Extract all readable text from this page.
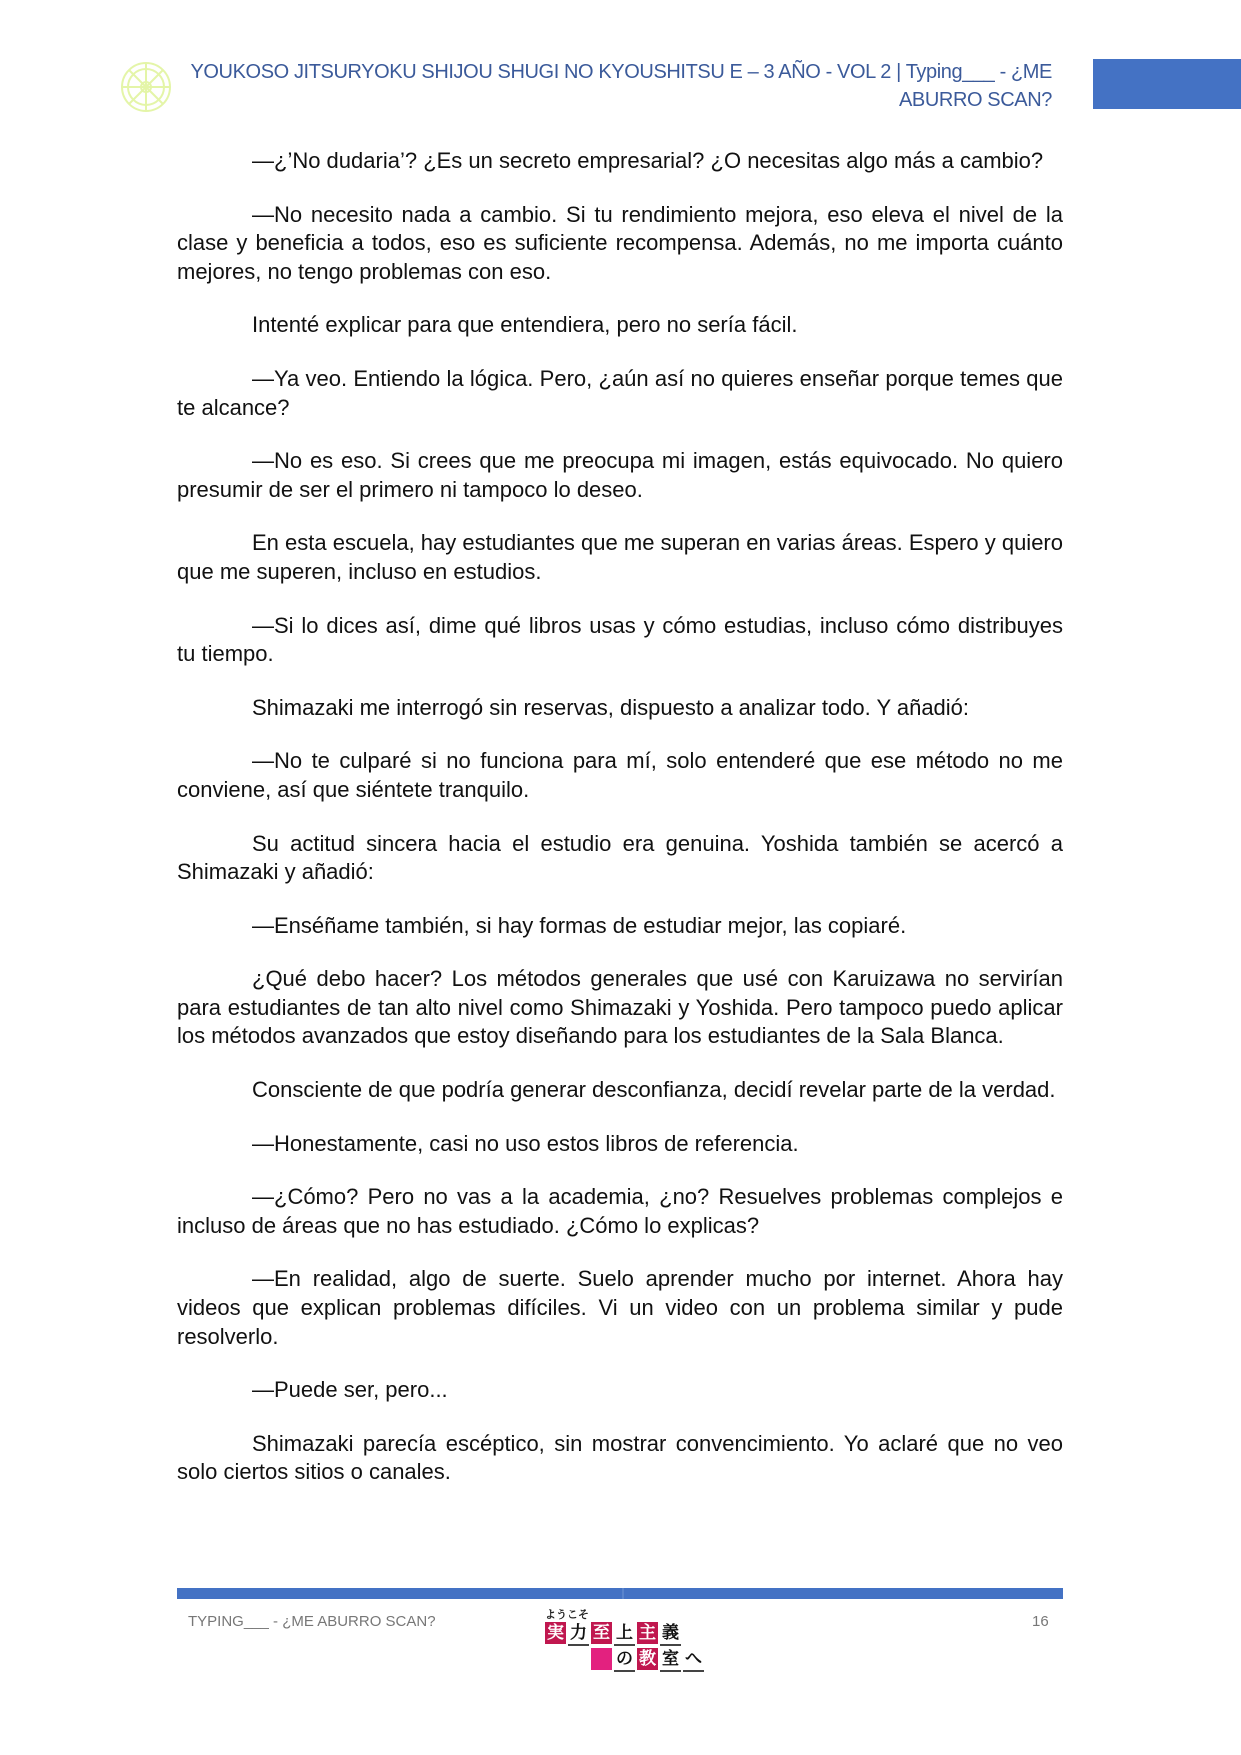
YOUKOSO JITSURYOKU SHIJOU SHUGI NO KYOUSHITSU E – 3 AÑO - VOL 2 | Typing___ - ¿ME ABURRO SCAN?

—¿’No dudaria’? ¿Es un secreto empresarial? ¿O necesitas algo más a cambio?

—No necesito nada a cambio. Si tu rendimiento mejora, eso eleva el nivel de la clase y beneficia a todos, eso es suficiente recompensa. Además, no me importa cuánto mejores, no tengo problemas con eso.

Intenté explicar para que entendiera, pero no sería fácil.

—Ya veo. Entiendo la lógica. Pero, ¿aún así no quieres enseñar porque temes que te alcance?

—No es eso. Si crees que me preocupa mi imagen, estás equivocado. No quiero presumir de ser el primero ni tampoco lo deseo.

En esta escuela, hay estudiantes que me superan en varias áreas. Espero y quiero que me superen, incluso en estudios.

—Si lo dices así, dime qué libros usas y cómo estudias, incluso cómo distribuyes tu tiempo.

Shimazaki me interrogó sin reservas, dispuesto a analizar todo. Y añadió:

—No te culparé si no funciona para mí, solo entenderé que ese método no me conviene, así que siéntete tranquilo.

Su actitud sincera hacia el estudio era genuina. Yoshida también se acercó a Shimazaki y añadió:

—Enséñame también, si hay formas de estudiar mejor, las copiaré.

¿Qué debo hacer? Los métodos generales que usé con Karuizawa no servirían para estudiantes de tan alto nivel como Shimazaki y Yoshida. Pero tampoco puedo aplicar los métodos avanzados que estoy diseñando para los estudiantes de la Sala Blanca.

Consciente de que podría generar desconfianza, decidí revelar parte de la verdad.

—Honestamente, casi no uso estos libros de referencia.

—¿Cómo? Pero no vas a la academia, ¿no? Resuelves problemas complejos e incluso de áreas que no has estudiado. ¿Cómo lo explicas?

—En realidad, algo de suerte. Suelo aprender mucho por internet. Ahora hay videos que explican problemas difíciles. Vi un video con un problema similar y pude resolverlo.

—Puede ser, pero...

Shimazaki parecía escéptico, sin mostrar convencimiento. Yo aclaré que no veo solo ciertos sitios o canales.

TYPING___ - ¿ME ABURRO SCAN?	ようこそ
実 力 至 上 主 義
の 教 室 へ
16
